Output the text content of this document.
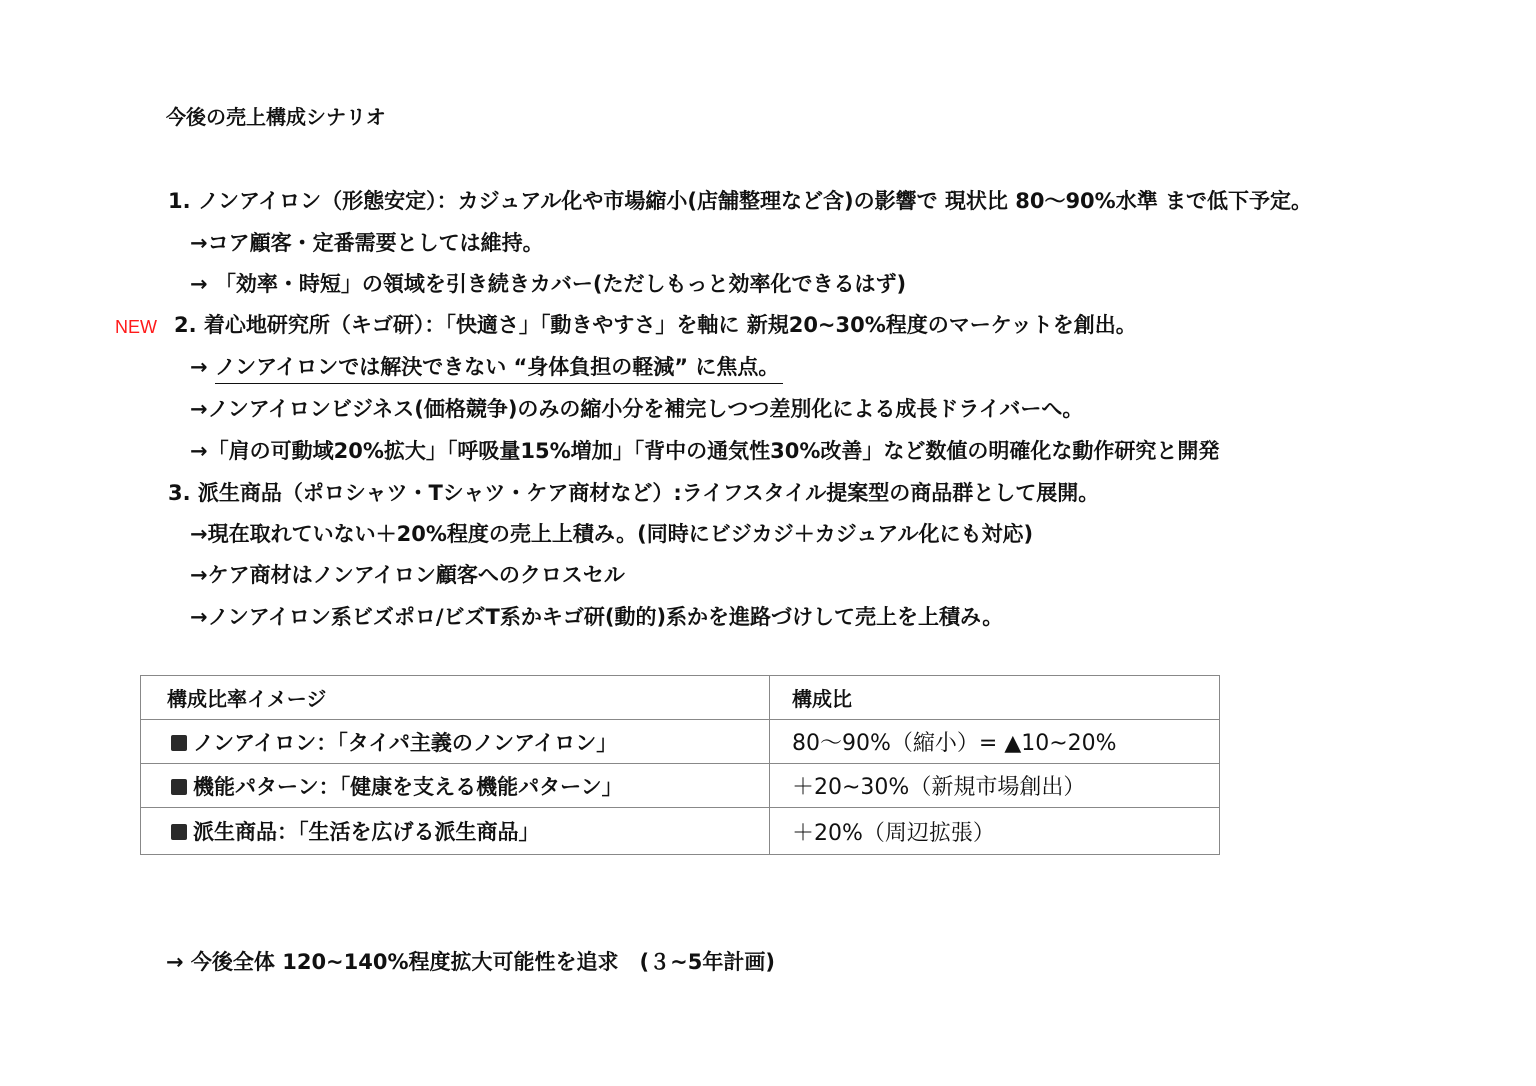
今後の売上構成シナリオ
1. ノンアイロン（形態安定）：カジュアル化や市場縮小(店舗整理など含)の影響で 現状比 80〜90%水準 まで低下予定。
→コア顧客・定番需要としては維持。
→ 「効率・時短」の領域を引き続きカバー(ただしもっと効率化できるはず)
NEW 2. 着心地研究所（キゴ研）：「快適さ」「動きやすさ」を軸に 新規20~30%程度のマーケットを創出。
→ ノンアイロンでは解決できない “身体負担の軽減” に焦点。
→ノンアイロンビジネス(価格競争)のみの縮小分を補完しつつ差別化による成長ドライバーへ。
→「肩の可動域20%拡大」「呼吸量15%増加」「背中の通気性30%改善」など数値の明確化な動作研究と開発
3. 派生商品（ポロシャツ・Tシャツ・ケア商材など）:ライフスタイル提案型の商品群として展開。
→現在取れていない＋20%程度の売上上積み。(同時にビジカジ＋カジュアル化にも対応)
→ケア商材はノンアイロン顧客へのクロスセル
→ノンアイロン系ビズポロ/ビズT系かキゴ研(動的)系かを進路づけして売上を上積み。
構成比率イメージ	構成比
ノンアイロン：「タイパ主義のノンアイロン」	80〜90%（縮小）= ▲10~20%
機能パターン：「健康を支える機能パターン」	＋20~30%（新規市場創出）
派生商品：「生活を広げる派生商品」	＋20%（周辺拡張）
→ 今後全体 120~140%程度拡大可能性を追求　(３~5年計画)
